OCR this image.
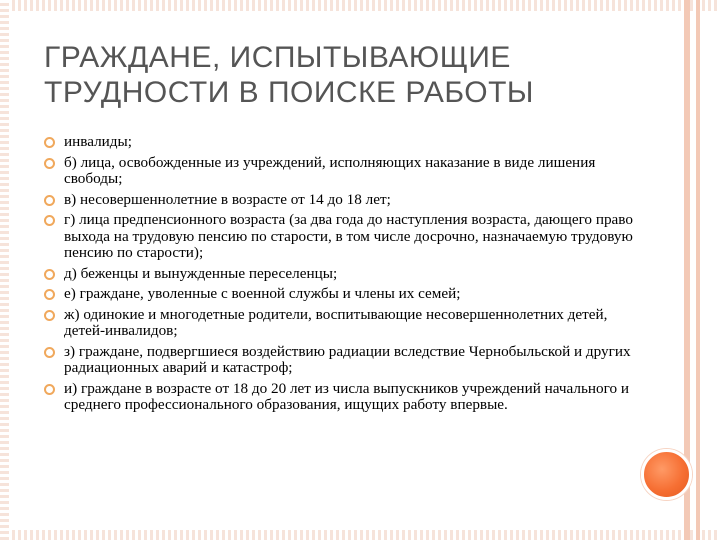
ГРАЖДАНЕ, ИСПЫТЫВАЮЩИЕ ТРУДНОСТИ В ПОИСКЕ РАБОТЫ
инвалиды;
б) лица, освобожденные из учреждений, исполняющих наказание в виде лишения свободы;
в) несовершеннолетние в возрасте от 14 до 18 лет;
г) лица предпенсионного возраста (за два года до наступления возраста, дающего право выхода на трудовую пенсию по старости, в том числе досрочно, назначаемую трудовую пенсию по старости);
д) беженцы и вынужденные переселенцы;
е) граждане, уволенные с военной службы и члены их семей;
ж) одинокие и многодетные родители, воспитывающие несовершеннолетних детей, детей-инвалидов;
з) граждане, подвергшиеся воздействию радиации вследствие Чернобыльской и других радиационных аварий и катастроф;
и) граждане в возрасте от 18 до 20 лет из числа выпускников учреждений начального и среднего профессионального образования, ищущих работу впервые.
